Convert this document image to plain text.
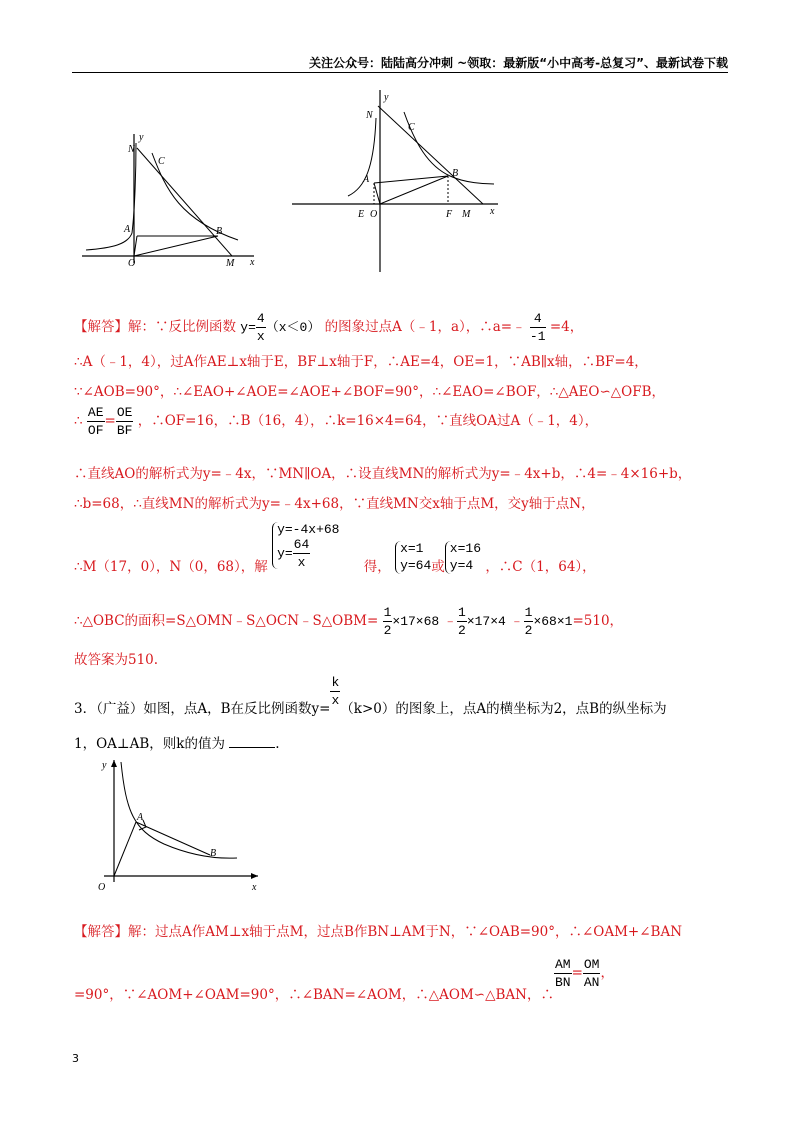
关注公众号：陆陆高分冲刺 ~领取：最新版“小中高考-总复习”、最新试卷下载
N
C
A	B
O	M x
y
N
y
C
A
B
E O	F M x
【解答】解：∵反比例函数 $y= \frac{4}{x} (x<0)$ 的图象过点A（﹣1，a），∴a=﹣ $\frac{4}{-1} =4$，
∴A（﹣1，4），过A作AE⊥x轴于E，BF⊥x轴于F，∴AE=4，OE=1，∵AB∥x轴，∴BF=4，
∵∠AOB=90°，∴∠EAO+∠AOE=∠AOE+∠BOF=90°，∴∠EAO=∠BOF，∴△AEO∽△OFB，
∴ $\frac{AE}{OF} = \frac{OE}{BF}$ ，∴OF=16，∴B（16，4），∴k=16×4=64，∵直线OA过A（﹣1，4），
∴直线AO的解析式为y=﹣4x，∵MN∥OA，∴设直线MN的解析式为y=﹣4x+b，∴4=﹣4×16+b，
∴b=68，∴直线MN的解析式为y=﹣4x+68，∵直线MN交x轴于点M，交y轴于点N，
∴M（17，0），N（0，68），解 y=-4x+68
$y= \frac{64}{x}$	得， x=1
y=64或x=16
y=4 ，∴C（1，64），
∴△OBC的面积=S△OMN﹣S△OCN﹣S△OBM= $\frac{1}{2} \times 17\times 68$ ﹣ $\frac{1}{2} \times 17\times 4$ ﹣ $\frac{1}{2} \times 68\times 1=510$，
故答案为510.
3．（广益）如图，点A，B在反比例函数y=
$\frac{k}{x}$
（k>0）的图象上，点A的横坐标为2，点B的纵坐标为
1，OA⊥AB，则k的值为	.
y
A
B
O	x
【解答】解：过点A作AM⊥x轴于点M，过点B作BN⊥AM于N，∵∠OAB=90°，∴∠OAM+∠BAN
=90°，∵∠AOM+∠OAM=90°，∴∠BAN=∠AOM，∴△AOM∽△BAN，∴
$\frac{AM}{BN} = \frac{OM}{AN}$ ，
3
